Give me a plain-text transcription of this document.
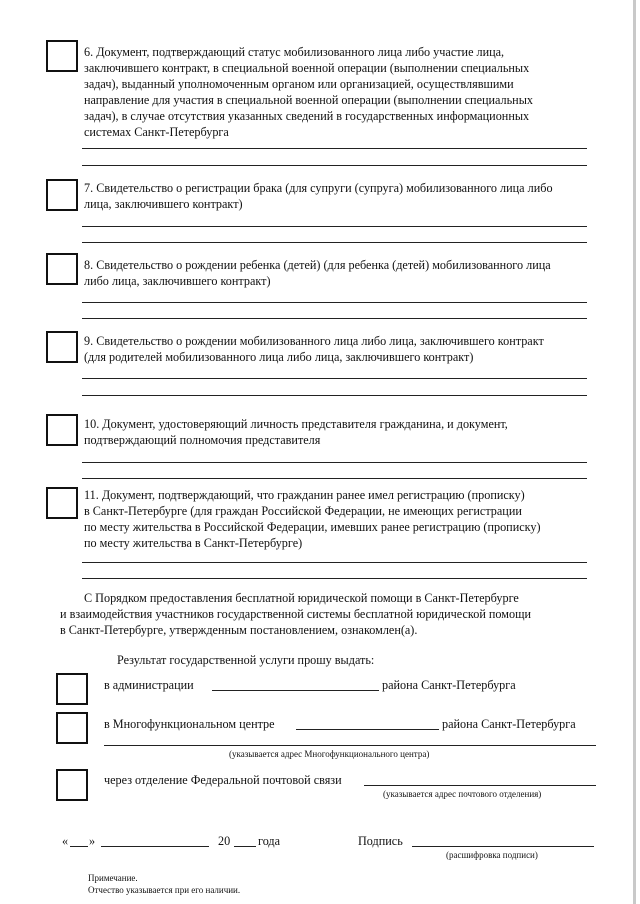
6. Документ, подтверждающий статус мобилизованного лица либо участие лица,
заключившего контракт, в специальной военной операции (выполнении специальных
задач), выданный уполномоченным органом или организацией, осуществлявшими
направление для участия в специальной военной операции (выполнении специальных
задач), в случае отсутствия указанных сведений в государственных информационных
системах Санкт-Петербурга
7. Свидетельство о регистрации брака (для супруги (супруга) мобилизованного лица либо
лица, заключившего контракт)
8. Свидетельство о рождении ребенка (детей) (для ребенка (детей) мобилизованного лица
либо лица, заключившего контракт)
9. Свидетельство о рождении мобилизованного лица либо лица, заключившего контракт
(для родителей мобилизованного лица либо лица, заключившего контракт)
10. Документ, удостоверяющий личность представителя гражданина, и документ,
подтверждающий полномочия представителя
11. Документ, подтверждающий, что гражданин ранее имел регистрацию (прописку)
в Санкт-Петербурге (для граждан Российской Федерации, не имеющих регистрации
по месту жительства в Российской Федерации, имевших ранее регистрацию (прописку)
по месту жительства в Санкт-Петербурге)
С Порядком предоставления бесплатной юридической помощи в Санкт-Петербурге
и взаимодействия участников государственной системы бесплатной юридической помощи
в Санкт-Петербурге, утвержденным постановлением, ознакомлен(а).
Результат государственной услуги прошу выдать:
в администрации	района Санкт-Петербурга
в Многофункциональном центре	района Санкт-Петербурга
(указывается адрес Многофункционального центра)
через отделение Федеральной почтовой связи
(указывается адрес почтового отделения)
« »	20 года	Подпись
(расшифровка подписи)
Примечание.
Отчество указывается при его наличии.
